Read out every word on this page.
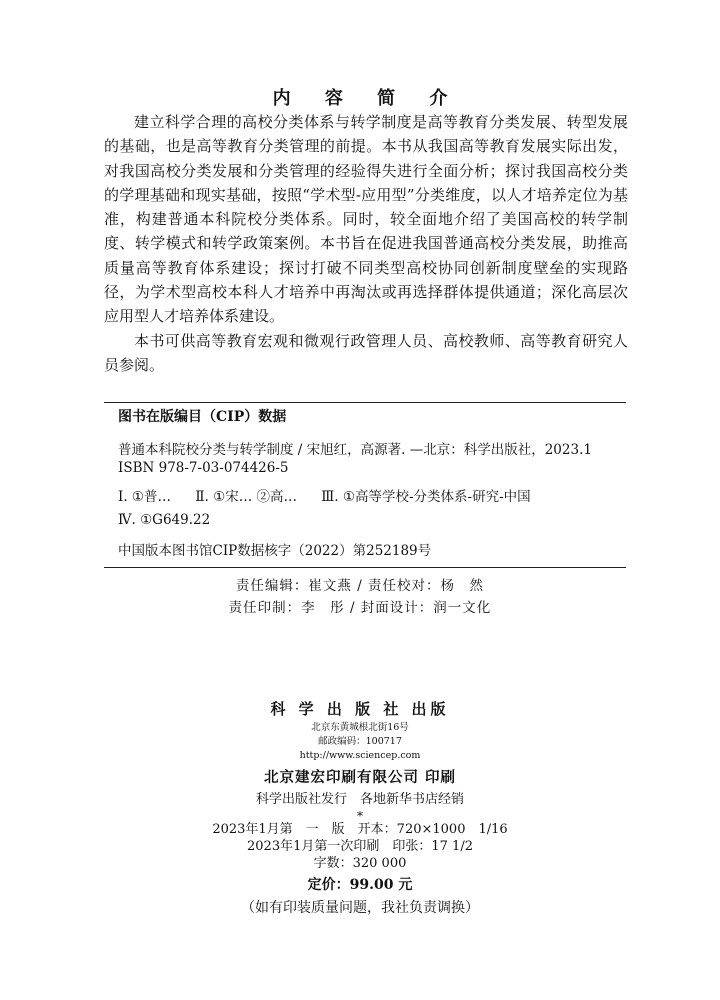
内 容 简 介

建立科学合理的高校分类体系与转学制度是高等教育分类发展、转型发展的基础，也是高等教育分类管理的前提。本书从我国高等教育发展实际出发，对我国高校分类发展和分类管理的经验得失进行全面分析；探讨我国高校分类的学理基础和现实基础，按照“学术型-应用型”分类维度，以人才培养定位为基准，构建普通本科院校分类体系。同时，较全面地介绍了美国高校的转学制度、转学模式和转学政策案例。本书旨在促进我国普通高校分类发展，助推高质量高等教育体系建设；探讨打破不同类型高校协同创新制度壁垒的实现路径，为学术型高校本科人才培养中再淘汰或再选择群体提供通道；深化高层次应用型人才培养体系建设。

本书可供高等教育宏观和微观行政管理人员、高校教师、高等教育研究人员参阅。

图书在版编目（CIP）数据
普通本科院校分类与转学制度 / 宋旭红，高源著. —北京：科学出版社，2023.1
ISBN 978-7-03-074426-5
Ⅰ. ①普… Ⅱ. ①宋… ②高… Ⅲ. ①高等学校-分类体系-研究-中国
Ⅳ. ①G649.22
中国版本图书馆CIP数据核字（2022）第252189号
责任编辑：崔文燕 / 责任校对：杨　然
责任印制：李　彤 / 封面设计：润一文化
科 学 出 版 社 出版
北京东黄城根北街16号
邮政编码：100717
http://www.sciencep.com
北京建宏印刷有限公司 印刷
科学出版社发行　各地新华书店经销
*
2023年1月第　一　版　开本：720×1000　1/16
2023年1月第一次印刷　印张：17 1/2
字数：320 000
定价：99.00 元
（如有印装质量问题，我社负责调换）
